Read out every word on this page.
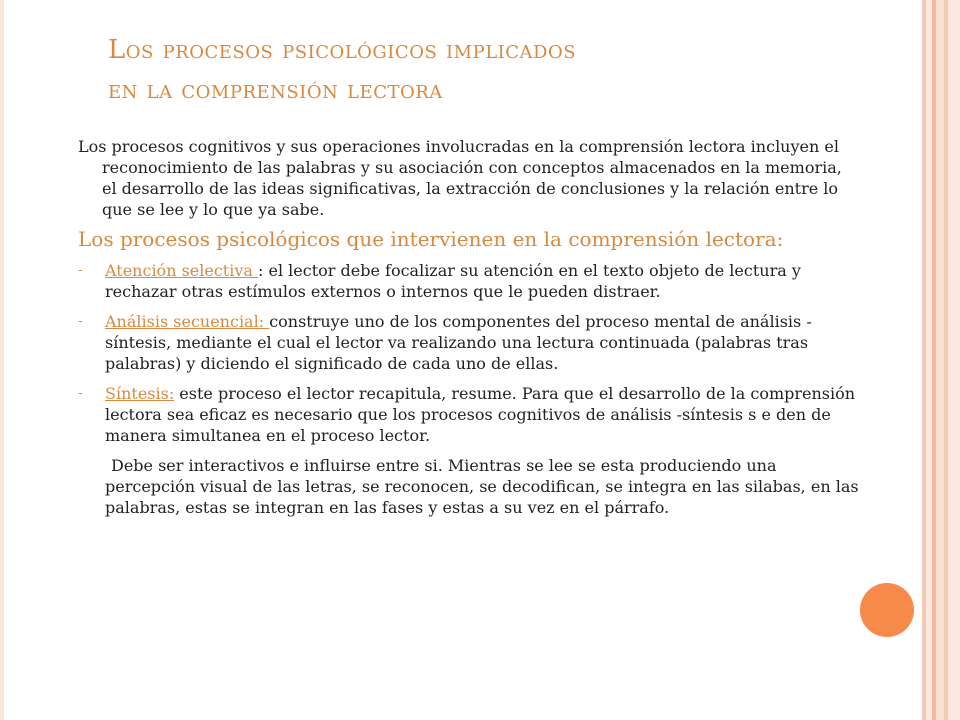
Los procesos psicológicos implicados
en la comprensión lectora

Los procesos cognitivos y sus operaciones involucradas en la comprensión lectora incluyen el reconocimiento de las palabras y su asociación con conceptos almacenados en la memoria, el desarrollo de las ideas significativas, la extracción de conclusiones y la relación entre lo que se lee y lo que ya sabe.

Los procesos psicológicos que intervienen en la comprensión lectora:

- Atención selectiva : el lector debe focalizar su atención en el texto objeto de lectura y rechazar otras estímulos externos o internos que le pueden distraer.

- Análisis secuencial: construye uno de los componentes del proceso mental de análisis -síntesis, mediante el cual el lector va realizando una lectura continuada (palabras tras palabras) y diciendo el significado de cada uno de ellas.

- Síntesis: este proceso el lector recapitula, resume. Para que el desarrollo de la comprensión lectora sea eficaz es necesario que los procesos cognitivos de análisis -síntesis s e den de manera simultanea en el proceso lector.

Debe ser interactivos e influirse entre si. Mientras se lee se esta produciendo una percepción visual de las letras, se reconocen, se decodifican, se integra en las silabas, en las palabras, estas se integran en las fases y estas a su vez en el párrafo.
